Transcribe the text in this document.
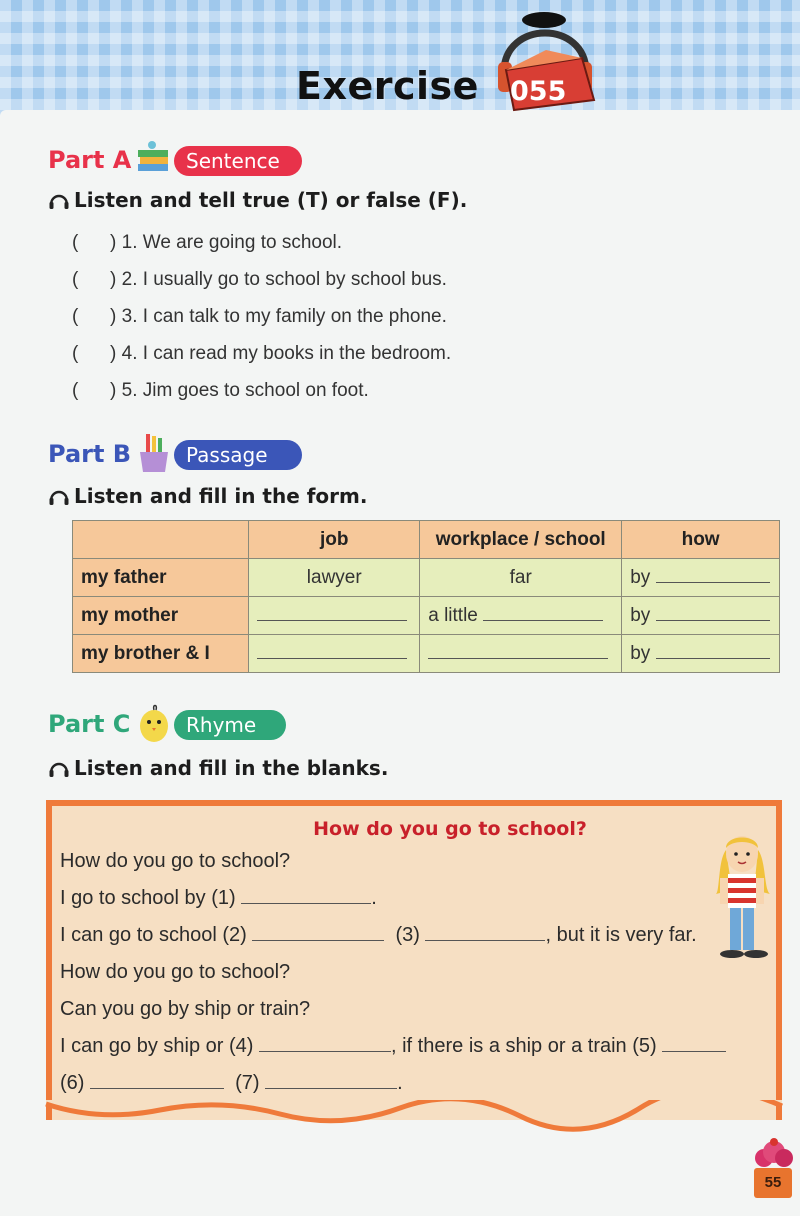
Exercise 055
Part A	Sentence
Listen and tell true (T) or false (F).
( ) 1. We are going to school.
( ) 2. I usually go to school by school bus.
( ) 3. I can talk to my family on the phone.
( ) 4. I can read my books in the bedroom.
( ) 5. Jim goes to school on foot.
Part B	Passage
Listen and fill in the form.
	job	workplace / school	how
my father	lawyer	far	by
my mother		a little	by
my brother & I			by
Part C	Rhyme
Listen and fill in the blanks.
How do you go to school?
How do you go to school?
I go to school by (1)	.
I can go to school (2)	(3)	, but it is very far.
How do you go to school?
Can you go by ship or train?
I can go by ship or (4)	, if there is a ship or a train (5)
(6)	(7)	.
55
